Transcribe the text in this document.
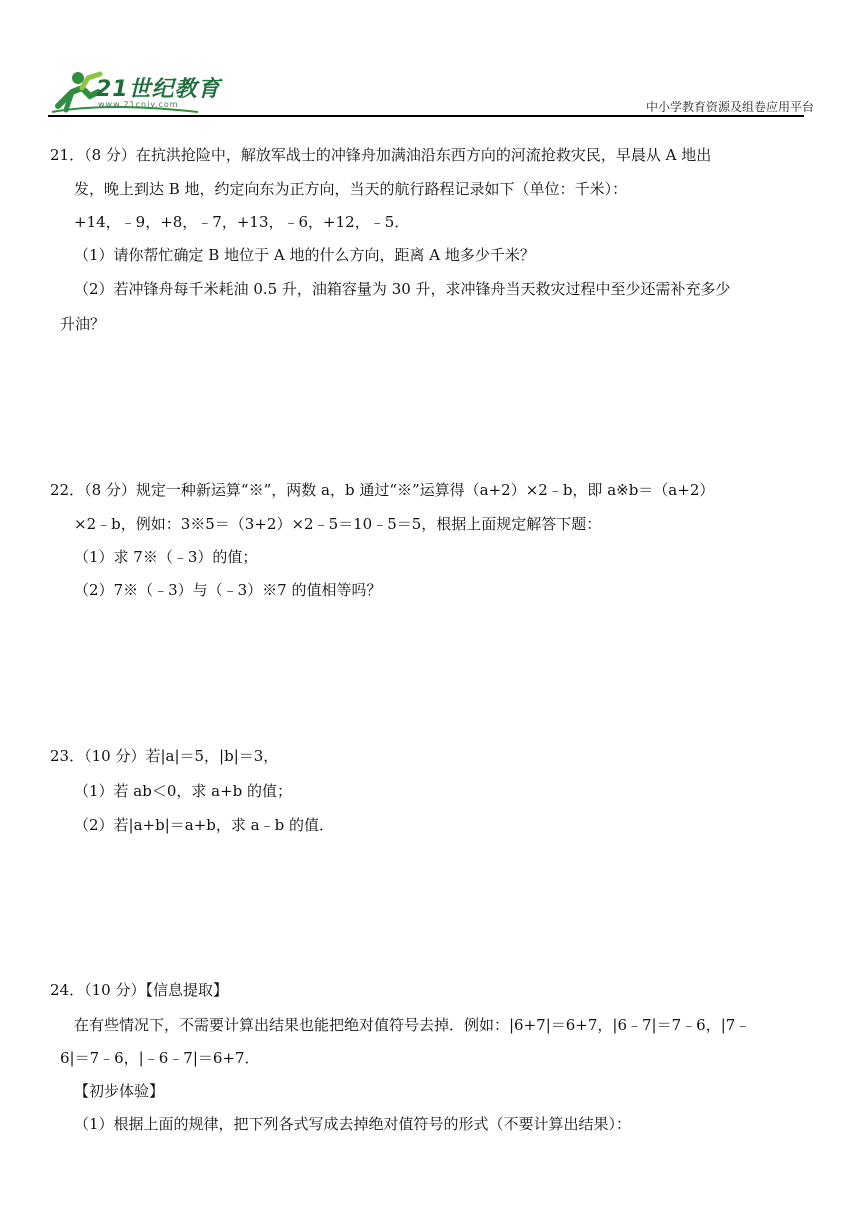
21世纪教育
www.21cnjy.com	中小学教育资源及组卷应用平台
21．（8 分）在抗洪抢险中，解放军战士的冲锋舟加满油沿东西方向的河流抢救灾民，早晨从 A 地出
发，晚上到达 B 地，约定向东为正方向，当天的航行路程记录如下（单位：千米）：
+14，﹣9，+8，﹣7，+13，﹣6，+12，﹣5．
（1）请你帮忙确定 B 地位于 A 地的什么方向，距离 A 地多少千米？
（2）若冲锋舟每千米耗油 0.5 升，油箱容量为 30 升，求冲锋舟当天救灾过程中至少还需补充多少
升油？
22．（8 分）规定一种新运算“※”，两数 a，b 通过“※”运算得（a+2）×2﹣b，即 a※b＝（a+2）
×2﹣b，例如：3※5＝（3+2）×2﹣5＝10﹣5＝5，根据上面规定解答下题：
（1）求 7※（﹣3）的值；
（2）7※（﹣3）与（﹣3）※7 的值相等吗？
23．（10 分）若|a|＝5，|b|＝3，
（1）若 ab＜0，求 a+b 的值；
（2）若|a+b|＝a+b，求 a﹣b 的值．
24．（10 分）【信息提取】
在有些情况下，不需要计算出结果也能把绝对值符号去掉．例如：|6+7|＝6+7，|6﹣7|＝7﹣6，|7﹣
6|＝7﹣6，|﹣6﹣7|＝6+7．
【初步体验】
（1）根据上面的规律，把下列各式写成去掉绝对值符号的形式（不要计算出结果）：
